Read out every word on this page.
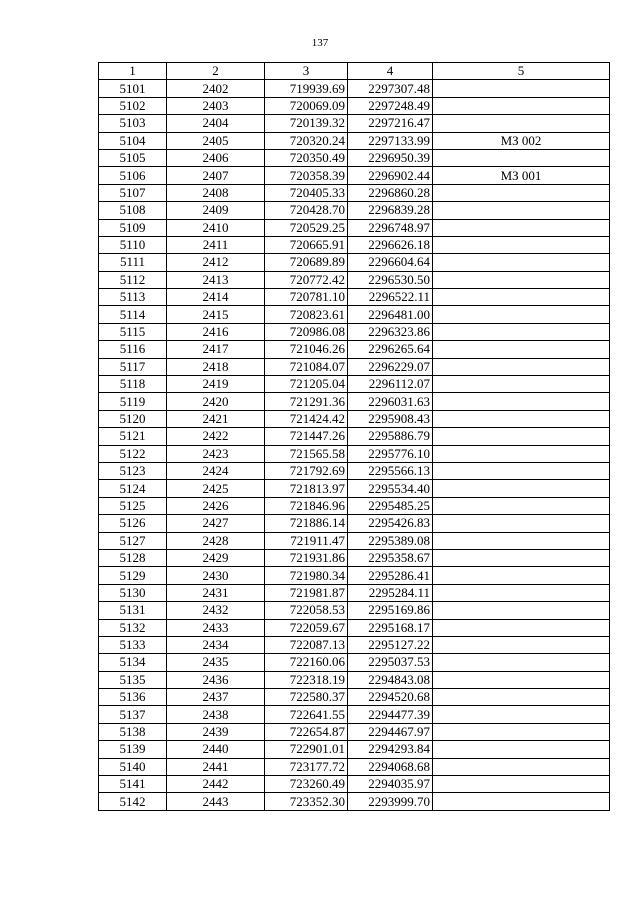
137
1	2	3	4	5
5101	2402	719939.69	2297307.48	
5102	2403	720069.09	2297248.49	
5103	2404	720139.32	2297216.47	
5104	2405	720320.24	2297133.99	МЗ 002
5105	2406	720350.49	2296950.39	
5106	2407	720358.39	2296902.44	МЗ 001
5107	2408	720405.33	2296860.28	
5108	2409	720428.70	2296839.28	
5109	2410	720529.25	2296748.97	
5110	2411	720665.91	2296626.18	
5111	2412	720689.89	2296604.64	
5112	2413	720772.42	2296530.50	
5113	2414	720781.10	2296522.11	
5114	2415	720823.61	2296481.00	
5115	2416	720986.08	2296323.86	
5116	2417	721046.26	2296265.64	
5117	2418	721084.07	2296229.07	
5118	2419	721205.04	2296112.07	
5119	2420	721291.36	2296031.63	
5120	2421	721424.42	2295908.43	
5121	2422	721447.26	2295886.79	
5122	2423	721565.58	2295776.10	
5123	2424	721792.69	2295566.13	
5124	2425	721813.97	2295534.40	
5125	2426	721846.96	2295485.25	
5126	2427	721886.14	2295426.83	
5127	2428	721911.47	2295389.08	
5128	2429	721931.86	2295358.67	
5129	2430	721980.34	2295286.41	
5130	2431	721981.87	2295284.11	
5131	2432	722058.53	2295169.86	
5132	2433	722059.67	2295168.17	
5133	2434	722087.13	2295127.22	
5134	2435	722160.06	2295037.53	
5135	2436	722318.19	2294843.08	
5136	2437	722580.37	2294520.68	
5137	2438	722641.55	2294477.39	
5138	2439	722654.87	2294467.97	
5139	2440	722901.01	2294293.84	
5140	2441	723177.72	2294068.68	
5141	2442	723260.49	2294035.97	
5142	2443	723352.30	2293999.70	
